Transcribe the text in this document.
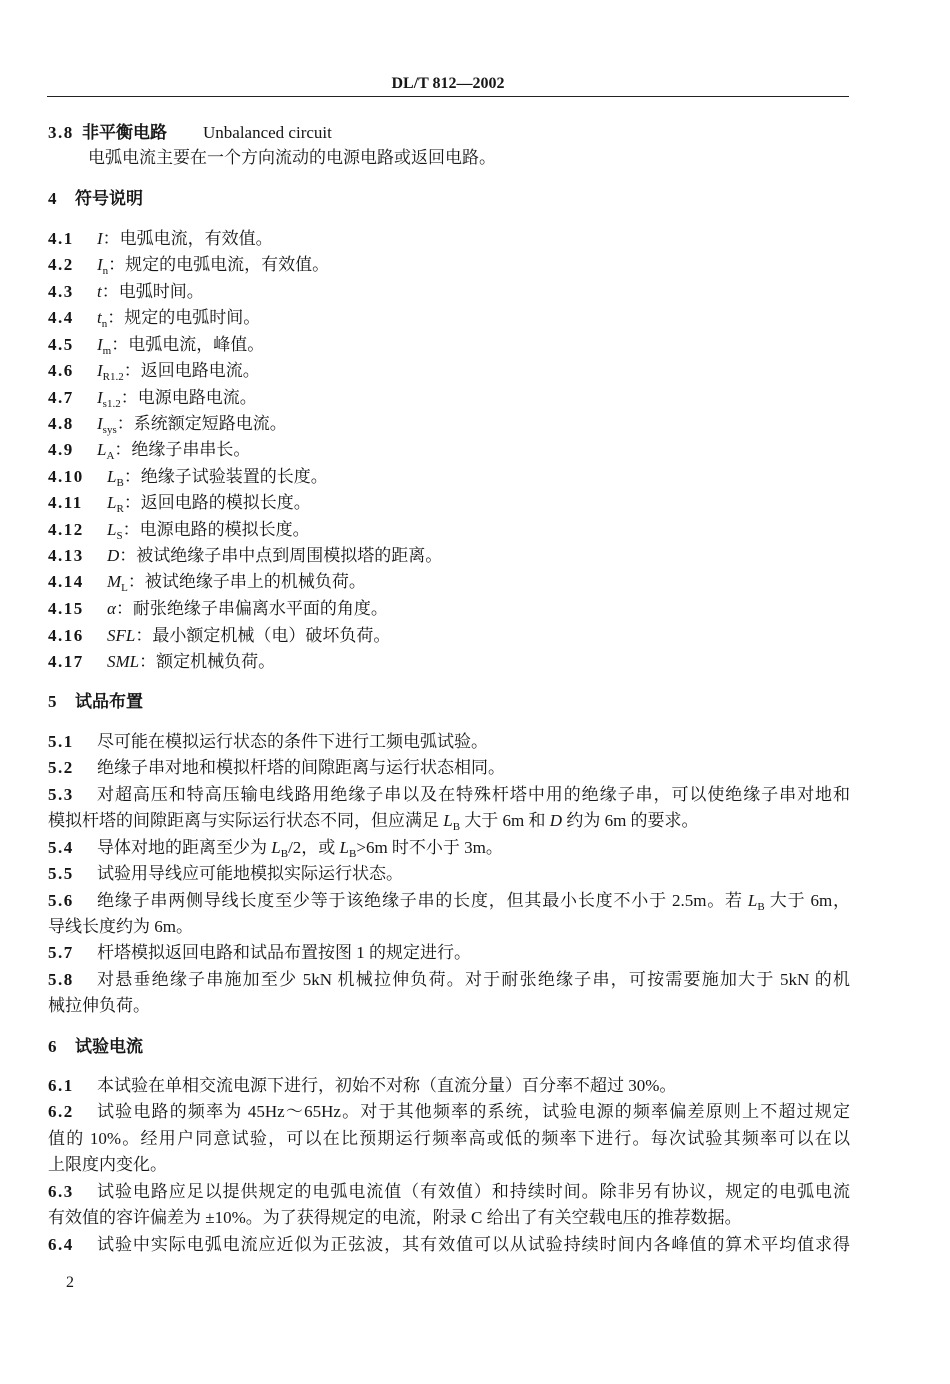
DL/T 812—2002
3.8 非平衡电路 Unbalanced circuit
电弧电流主要在一个方向流动的电源电路或返回电路。
4 符号说明
4.1 I：电弧电流，有效值。
4.2 $I_n$：规定的电弧电流，有效值。
4.3 t：电弧时间。
4.4 $t_n$：规定的电弧时间。
4.5 $I_m$：电弧电流，峰值。
4.6 $I_{R1.2}$：返回电路电流。
4.7 $I_{s1.2}$：电源电路电流。
4.8 $I_{sys}$：系统额定短路电流。
4.9 $L_A$：绝缘子串串长。
4.10 $L_B$：绝缘子试验装置的长度。
4.11 $L_R$：返回电路的模拟长度。
4.12 $L_S$：电源电路的模拟长度。
4.13 D：被试绝缘子串中点到周围模拟塔的距离。
4.14 $M_L$：被试绝缘子串上的机械负荷。
4.15 α：耐张绝缘子串偏离水平面的角度。
4.16 SFL：最小额定机械（电）破坏负荷。
4.17 SML：额定机械负荷。
5 试品布置
5.1 尽可能在模拟运行状态的条件下进行工频电弧试验。
5.2 绝缘子串对地和模拟杆塔的间隙距离与运行状态相同。
5.3 对超高压和特高压输电线路用绝缘子串以及在特殊杆塔中用的绝缘子串，可以使绝缘子串对地和
模拟杆塔的间隙距离与实际运行状态不同，但应满足 $L_B$ 大于 6m 和 D 约为 6m 的要求。
5.4 导体对地的距离至少为 $L_B/2$，或 $L_B>6m$ 时不小于 3m。
5.5 试验用导线应可能地模拟实际运行状态。
5.6 绝缘子串两侧导线长度至少等于该绝缘子串的长度，但其最小长度不小于 2.5m。若 $L_B$ 大于 6m，
导线长度约为 6m。
5.7 杆塔模拟返回电路和试品布置按图 1 的规定进行。
5.8 对悬垂绝缘子串施加至少 5kN 机械拉伸负荷。对于耐张绝缘子串，可按需要施加大于 5kN 的机
械拉伸负荷。
6 试验电流
6.1 本试验在单相交流电源下进行，初始不对称（直流分量）百分率不超过 30%。
6.2 试验电路的频率为 45Hz～65Hz。对于其他频率的系统，试验电源的频率偏差原则上不超过规定
值的 10%。经用户同意试验，可以在比预期运行频率高或低的频率下进行。每次试验其频率可以在以
上限度内变化。
6.3 试验电路应足以提供规定的电弧电流值（有效值）和持续时间。除非另有协议，规定的电弧电流
有效值的容许偏差为 ±10%。为了获得规定的电流，附录 C 给出了有关空载电压的推荐数据。
6.4 试验中实际电弧电流应近似为正弦波，其有效值可以从试验持续时间内各峰值的算术平均值求得
2
